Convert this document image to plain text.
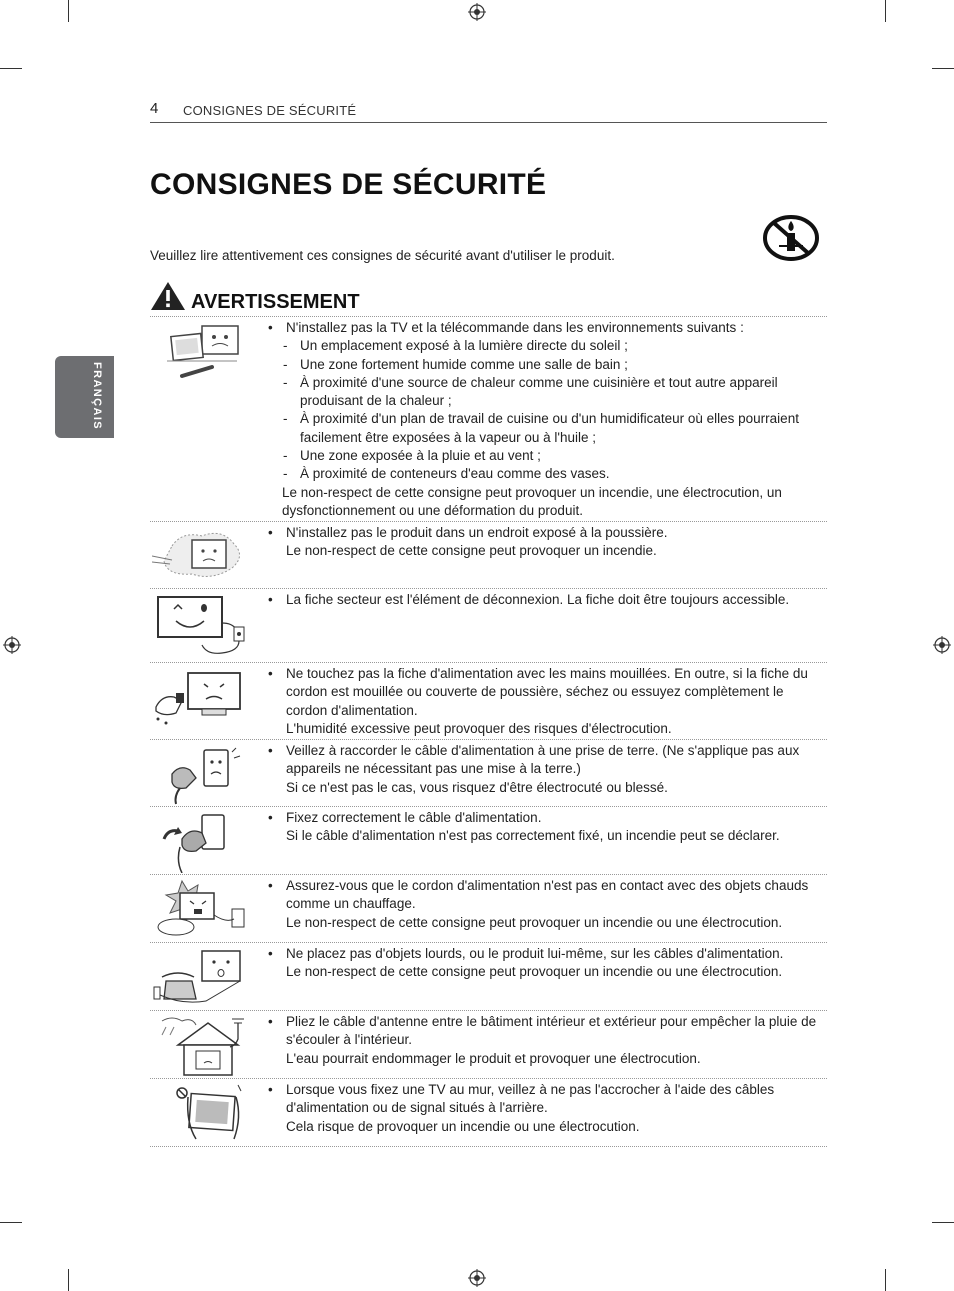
4 CONSIGNES DE SÉCURITÉ
FRANÇAIS
CONSIGNES DE SÉCURITÉ
Veuillez lire attentivement ces consignes de sécurité avant d'utiliser le produit.
AVERTISSEMENT
• N'installez pas la TV et la télécommande dans les environnements suivants :
- Un emplacement exposé à la lumière directe du soleil ;
- Une zone fortement humide comme une salle de bain ;
- À proximité d'une source de chaleur comme une cuisinière et tout autre appareil produisant de la chaleur ;
- À proximité d'un plan de travail de cuisine ou d'un humidificateur où elles pourraient facilement être exposées à la vapeur ou à l'huile ;
- Une zone exposée à la pluie et au vent ;
- À proximité de conteneurs d'eau comme des vases.
Le non-respect de cette consigne peut provoquer un incendie, une électrocution, un dysfonctionnement ou une déformation du produit.
• N'installez pas le produit dans un endroit exposé à la poussière.
Le non-respect de cette consigne peut provoquer un incendie.
• La fiche secteur est l'élément de déconnexion. La fiche doit être toujours accessible.
• Ne touchez pas la fiche d'alimentation avec les mains mouillées. En outre, si la fiche du cordon est mouillée ou couverte de poussière, séchez ou essuyez complètement le cordon d'alimentation.
L'humidité excessive peut provoquer des risques d'électrocution.
• Veillez à raccorder le câble d'alimentation à une prise de terre. (Ne s'applique pas aux appareils ne nécessitant pas une mise à la terre.)
Si ce n'est pas le cas, vous risquez d'être électrocuté ou blessé.
• Fixez correctement le câble d'alimentation.
Si le câble d'alimentation n'est pas correctement fixé, un incendie peut se déclarer.
• Assurez-vous que le cordon d'alimentation n'est pas en contact avec des objets chauds comme un chauffage.
Le non-respect de cette consigne peut provoquer un incendie ou une électrocution.
• Ne placez pas d'objets lourds, ou le produit lui-même, sur les câbles d'alimentation.
Le non-respect de cette consigne peut provoquer un incendie ou une électrocution.
• Pliez le câble d'antenne entre le bâtiment intérieur et extérieur pour empêcher la pluie de s'écouler à l'intérieur.
L'eau pourrait endommager le produit et provoquer une électrocution.
• Lorsque vous fixez une TV au mur, veillez à ne pas l'accrocher à l'aide des câbles d'alimentation ou de signal situés à l'arrière.
Cela risque de provoquer un incendie ou une électrocution.
